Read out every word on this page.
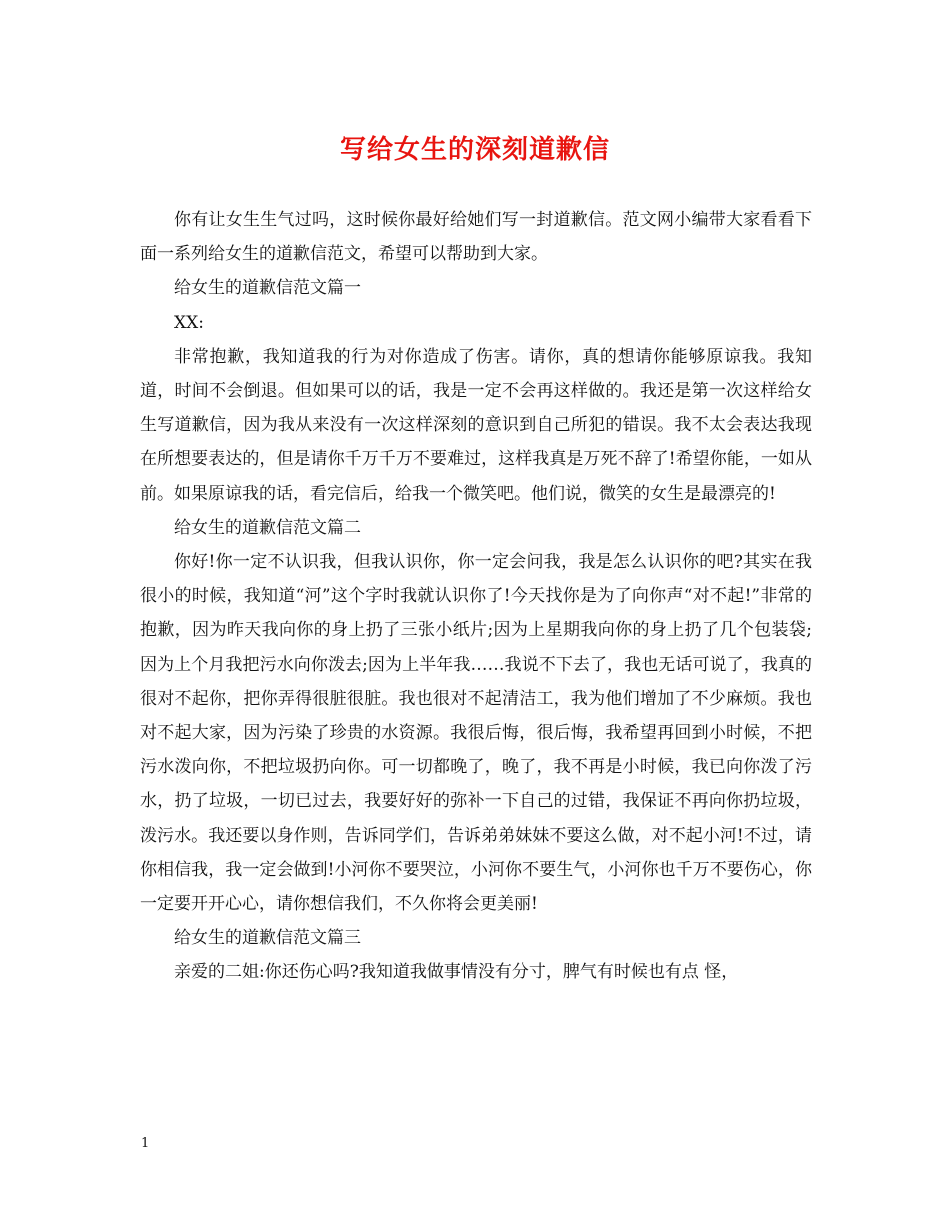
写给女生的深刻道歉信

你有让女生生气过吗，这时候你最好给她们写一封道歉信。范文网小编带大家看看下面一系列给女生的道歉信范文，希望可以帮助到大家。

给女生的道歉信范文篇一

XX:

非常抱歉，我知道我的行为对你造成了伤害。请你，真的想请你能够原谅我。我知道，时间不会倒退。但如果可以的话，我是一定不会再这样做的。我还是第一次这样给女生写道歉信，因为我从来没有一次这样深刻的意识到自己所犯的错误。我不太会表达我现在所想要表达的，但是请你千万千万不要难过，这样我真是万死不辞了!希望你能，一如从前。如果原谅我的话，看完信后，给我一个微笑吧。他们说，微笑的女生是最漂亮的!

给女生的道歉信范文篇二

你好!你一定不认识我，但我认识你，你一定会问我，我是怎么认识你的吧?其实在我很小的时候，我知道“河”这个字时我就认识你了!今天找你是为了向你声“对不起!”非常的抱歉，因为昨天我向你的身上扔了三张小纸片;因为上星期我向你的身上扔了几个包装袋;因为上个月我把污水向你泼去;因为上半年我……我说不下去了，我也无话可说了，我真的很对不起你，把你弄得很脏很脏。我也很对不起清洁工，我为他们增加了不少麻烦。我也对不起大家，因为污染了珍贵的水资源。我很后悔，很后悔，我希望再回到小时候，不把污水泼向你，不把垃圾扔向你。可一切都晚了，晚了，我不再是小时候，我已向你泼了污水，扔了垃圾，一切已过去，我要好好的弥补一下自己的过错，我保证不再向你扔垃圾，泼污水。我还要以身作则，告诉同学们，告诉弟弟妹妹不要这么做，对不起小河!不过，请你相信我，我一定会做到!小河你不要哭泣，小河你不要生气，小河你也千万不要伤心，你一定要开开心心，请你想信我们，不久你将会更美丽!

给女生的道歉信范文篇三

亲爱的二姐:你还伤心吗?我知道我做事情没有分寸，脾气有时候也有点 怪，

1
